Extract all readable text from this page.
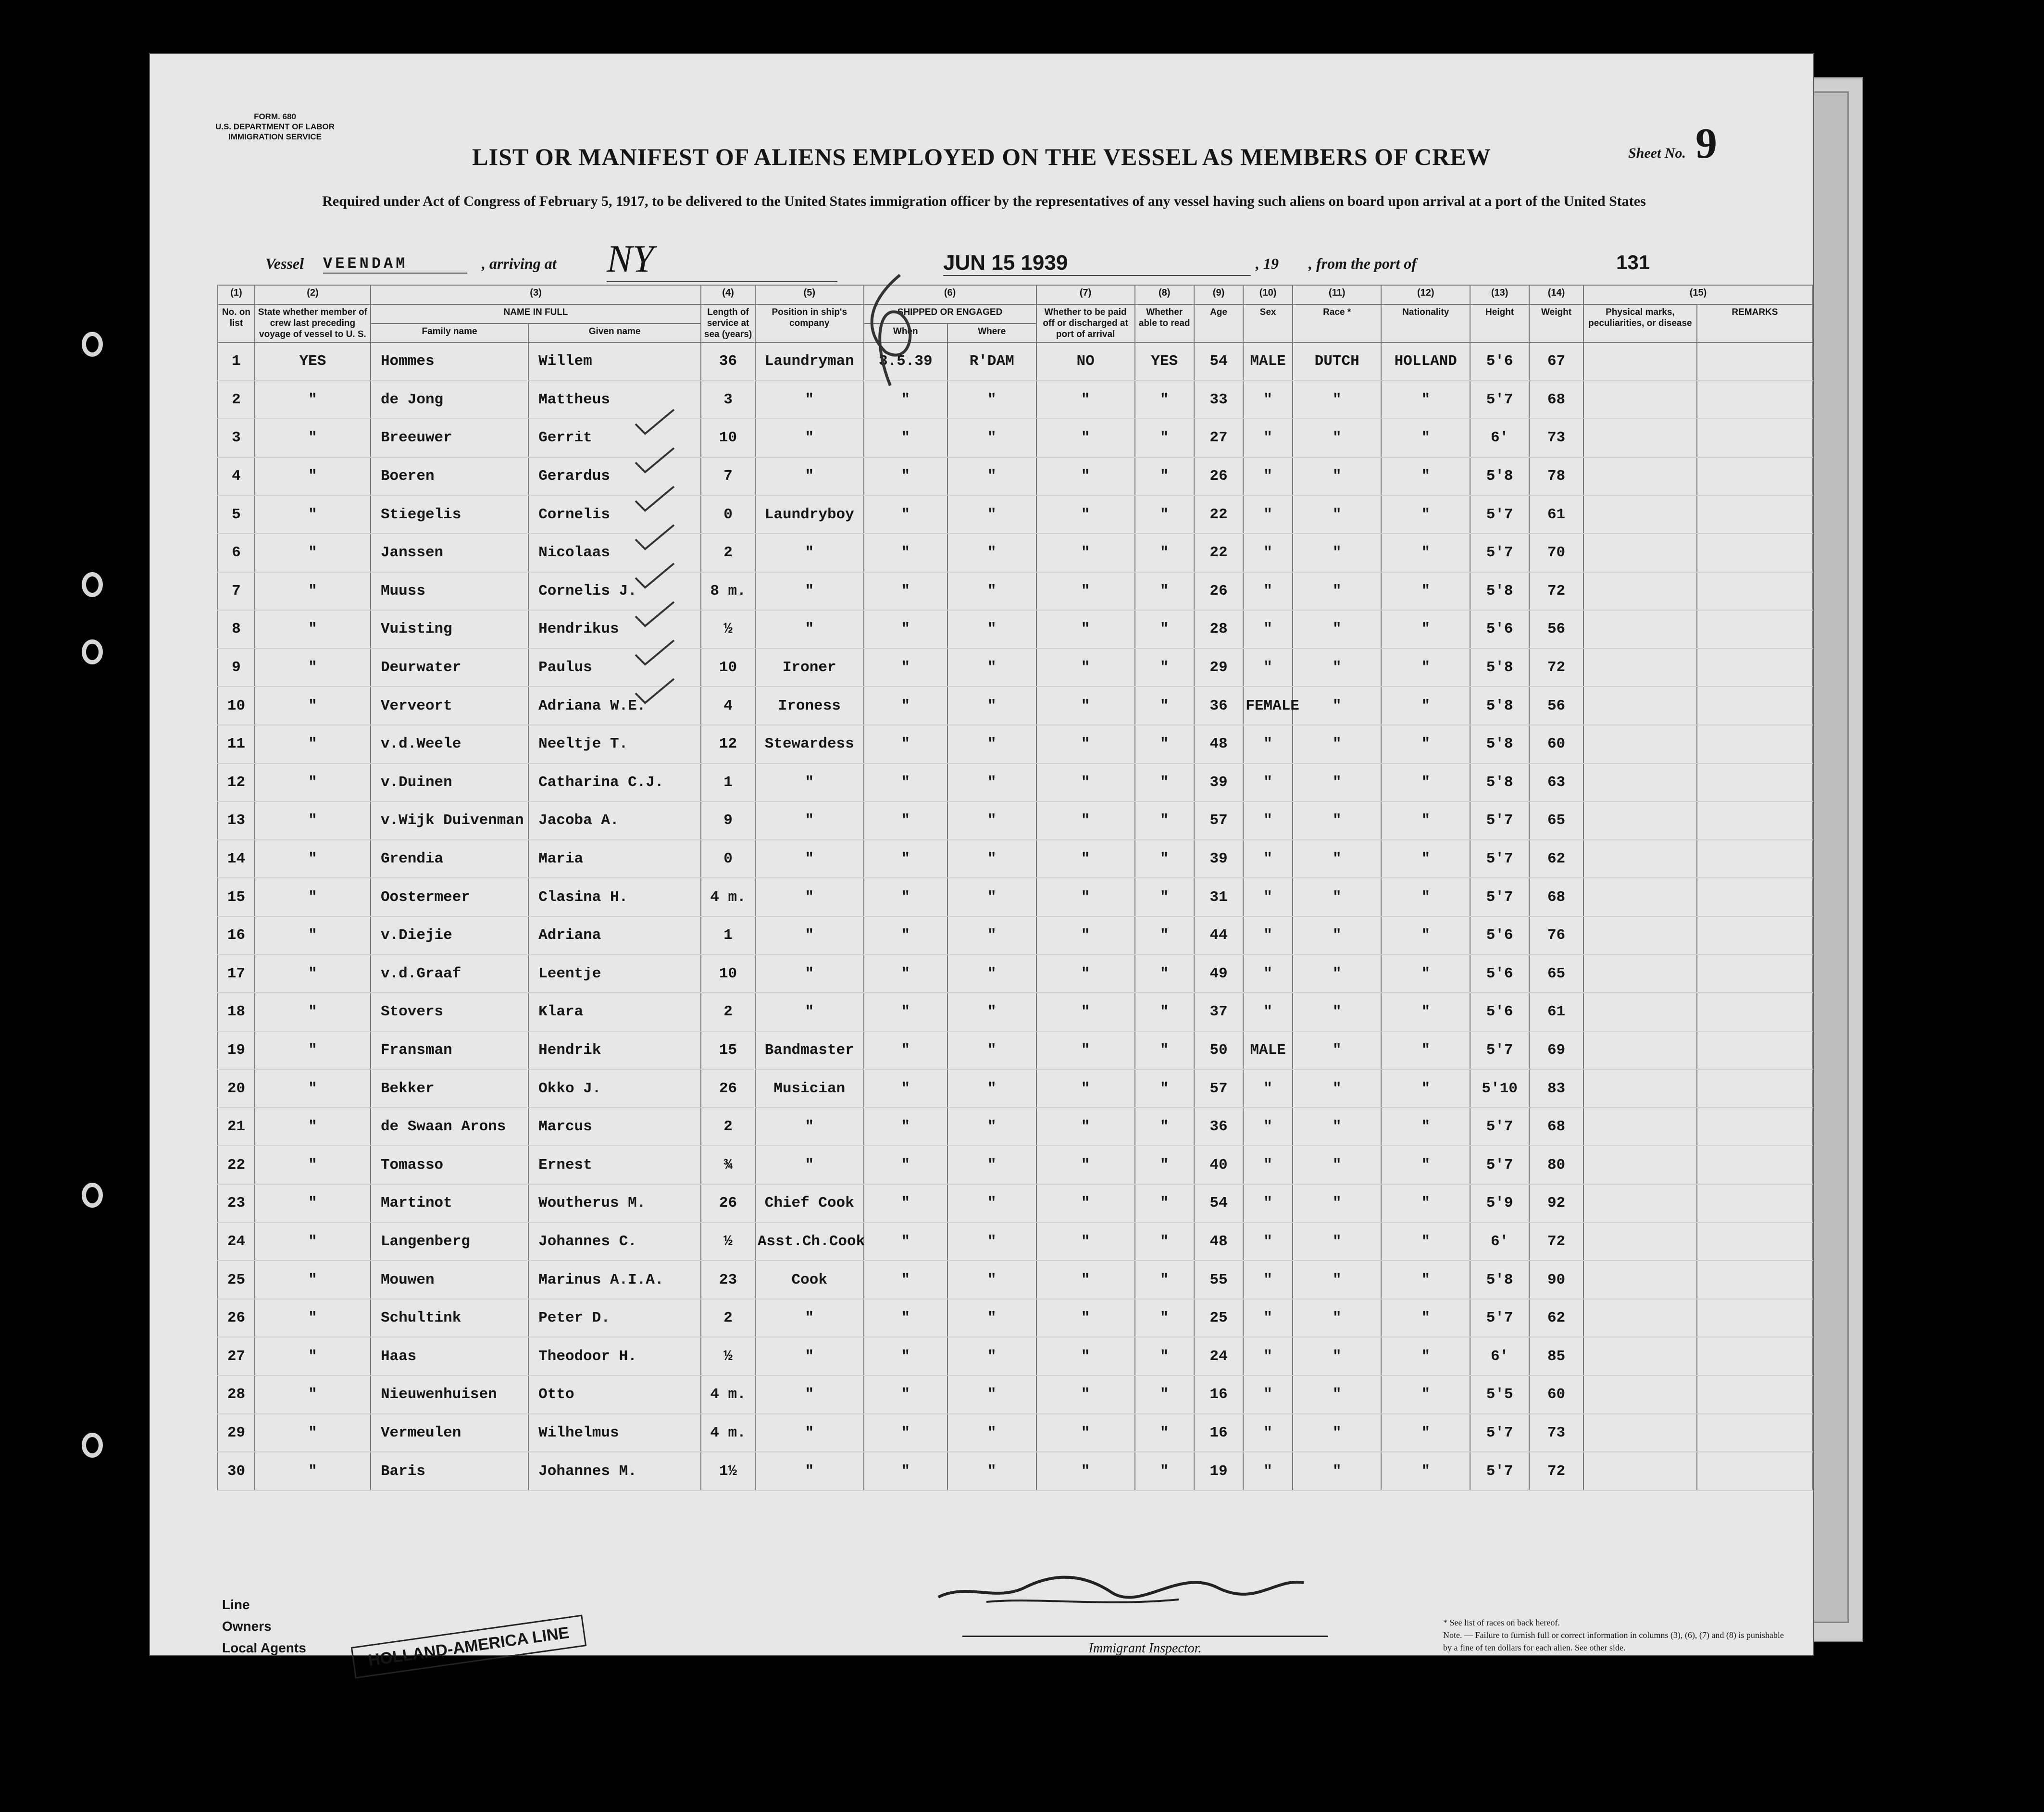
FORM. 680
U.S. DEPARTMENT OF LABOR
IMMIGRATION SERVICE
Sheet No. 9
LIST OR MANIFEST OF ALIENS EMPLOYED ON THE VESSEL AS MEMBERS OF CREW
Required under Act of Congress of February 5, 1917, to be delivered to the United States immigration officer by the representatives of any vessel having such aliens on board upon arrival at a port of the United States
Vessel VEENDAM	, arriving at NY	JUN 15 1939	, 19 , from the port of	131
(1)	(2)	(3)		(4)	(5)	(6)		(7)	(8)	(9)	(10)	(11)	(12)	(13)	(14)	(15)	
No. on list	State whether member of crew last preceding voyage of vessel to U. S.	NAME IN FULL		Length of service at sea (years)	Position in ship's company	SHIPPED OR ENGAGED		Whether to be paid off or discharged at port of arrival	Whether able to read	Age	Sex	Race *	Nationality	Height	Weight	Physical marks, peculiarities, or disease	REMARKS
		Family name	Given name			When	Where										
1	YES	Hommes	Willem	36	Laundryman	3.5.39	R'DAM	NO	YES	54	MALE	DUTCH	HOLLAND	5'6	67		
2	"	de Jong	Mattheus	3	"	"	"	"	"	33	"	"	"	5'7	68		
3	"	Breeuwer	Gerrit	10	"	"	"	"	"	27	"	"	"	6'	73		
4	"	Boeren	Gerardus	7	"	"	"	"	"	26	"	"	"	5'8	78		
5	"	Stiegelis	Cornelis	0	Laundryboy	"	"	"	"	22	"	"	"	5'7	61		
6	"	Janssen	Nicolaas	2	"	"	"	"	"	22	"	"	"	5'7	70		
7	"	Muuss	Cornelis J.	8 m.	"	"	"	"	"	26	"	"	"	5'8	72		
8	"	Vuisting	Hendrikus	½	"	"	"	"	"	28	"	"	"	5'6	56		
9	"	Deurwater	Paulus	10	Ironer	"	"	"	"	29	"	"	"	5'8	72		
10	"	Verveort	Adriana W.E.	4	Ironess	"	"	"	"	36	FEMALE	"	"	5'8	56		
11	"	v.d.Weele	Neeltje T.	12	Stewardess	"	"	"	"	48	"	"	"	5'8	60		
12	"	v.Duinen	Catharina C.J.	1	"	"	"	"	"	39	"	"	"	5'8	63		
13	"	v.Wijk Duivenman	Jacoba A.	9	"	"	"	"	"	57	"	"	"	5'7	65		
14	"	Grendia	Maria	0	"	"	"	"	"	39	"	"	"	5'7	62		
15	"	Oostermeer	Clasina H.	4 m.	"	"	"	"	"	31	"	"	"	5'7	68		
16	"	v.Diejie	Adriana	1	"	"	"	"	"	44	"	"	"	5'6	76		
17	"	v.d.Graaf	Leentje	10	"	"	"	"	"	49	"	"	"	5'6	65		
18	"	Stovers	Klara	2	"	"	"	"	"	37	"	"	"	5'6	61		
19	"	Fransman	Hendrik	15	Bandmaster	"	"	"	"	50	MALE	"	"	5'7	69		
20	"	Bekker	Okko J.	26	Musician	"	"	"	"	57	"	"	"	5'10	83		
21	"	de Swaan Arons	Marcus	2	"	"	"	"	"	36	"	"	"	5'7	68		
22	"	Tomasso	Ernest	¾	"	"	"	"	"	40	"	"	"	5'7	80		
23	"	Martinot	Woutherus M.	26	Chief Cook	"	"	"	"	54	"	"	"	5'9	92		
24	"	Langenberg	Johannes C.	½	Asst.Ch.Cook	"	"	"	"	48	"	"	"	6'	72		
25	"	Mouwen	Marinus A.I.A.	23	Cook	"	"	"	"	55	"	"	"	5'8	90		
26	"	Schultink	Peter D.	2	"	"	"	"	"	25	"	"	"	5'7	62		
27	"	Haas	Theodoor H.	½	"	"	"	"	"	24	"	"	"	6'	85		
28	"	Nieuwenhuisen	Otto	4 m.	"	"	"	"	"	16	"	"	"	5'5	60		
29	"	Vermeulen	Wilhelmus	4 m.	"	"	"	"	"	16	"	"	"	5'7	73		
30	"	Baris	Johannes M.	1½	"	"	"	"	"	19	"	"	"	5'7	72		
Line
Owners
Local Agents	HOLLAND-AMERICA LINE	Immigrant Inspector.
* See list of races on back hereof.
Note. — Failure to furnish full or correct information in columns (3), (6), (7) and (8) is punishable by a fine of ten dollars for each alien. See other side.
